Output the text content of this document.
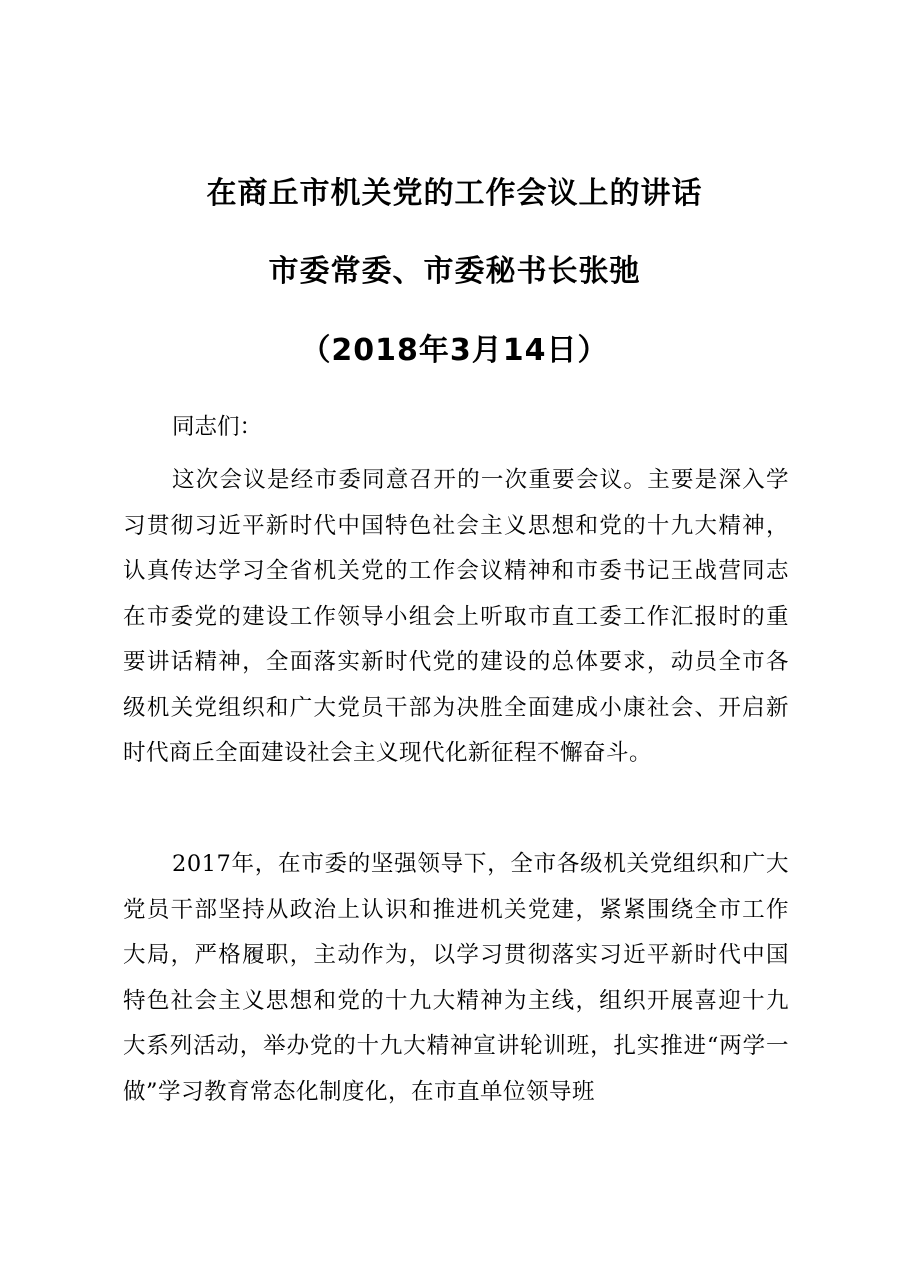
在商丘市机关党的工作会议上的讲话
市委常委、市委秘书长张弛
（2018年3月14日）
同志们：

这次会议是经市委同意召开的一次重要会议。主要是深入学习贯彻习近平新时代中国特色社会主义思想和党的十九大精神，认真传达学习全省机关党的工作会议精神和市委书记王战营同志在市委党的建设工作领导小组会上听取市直工委工作汇报时的重要讲话精神，全面落实新时代党的建设的总体要求，动员全市各级机关党组织和广大党员干部为决胜全面建成小康社会、开启新时代商丘全面建设社会主义现代化新征程不懈奋斗。

2017年，在市委的坚强领导下，全市各级机关党组织和广大党员干部坚持从政治上认识和推进机关党建，紧紧围绕全市工作大局，严格履职，主动作为，以学习贯彻落实习近平新时代中国特色社会主义思想和党的十九大精神为主线，组织开展喜迎十九大系列活动，举办党的十九大精神宣讲轮训班，扎实推进“两学一做”学习教育常态化制度化，在市直单位领导班
